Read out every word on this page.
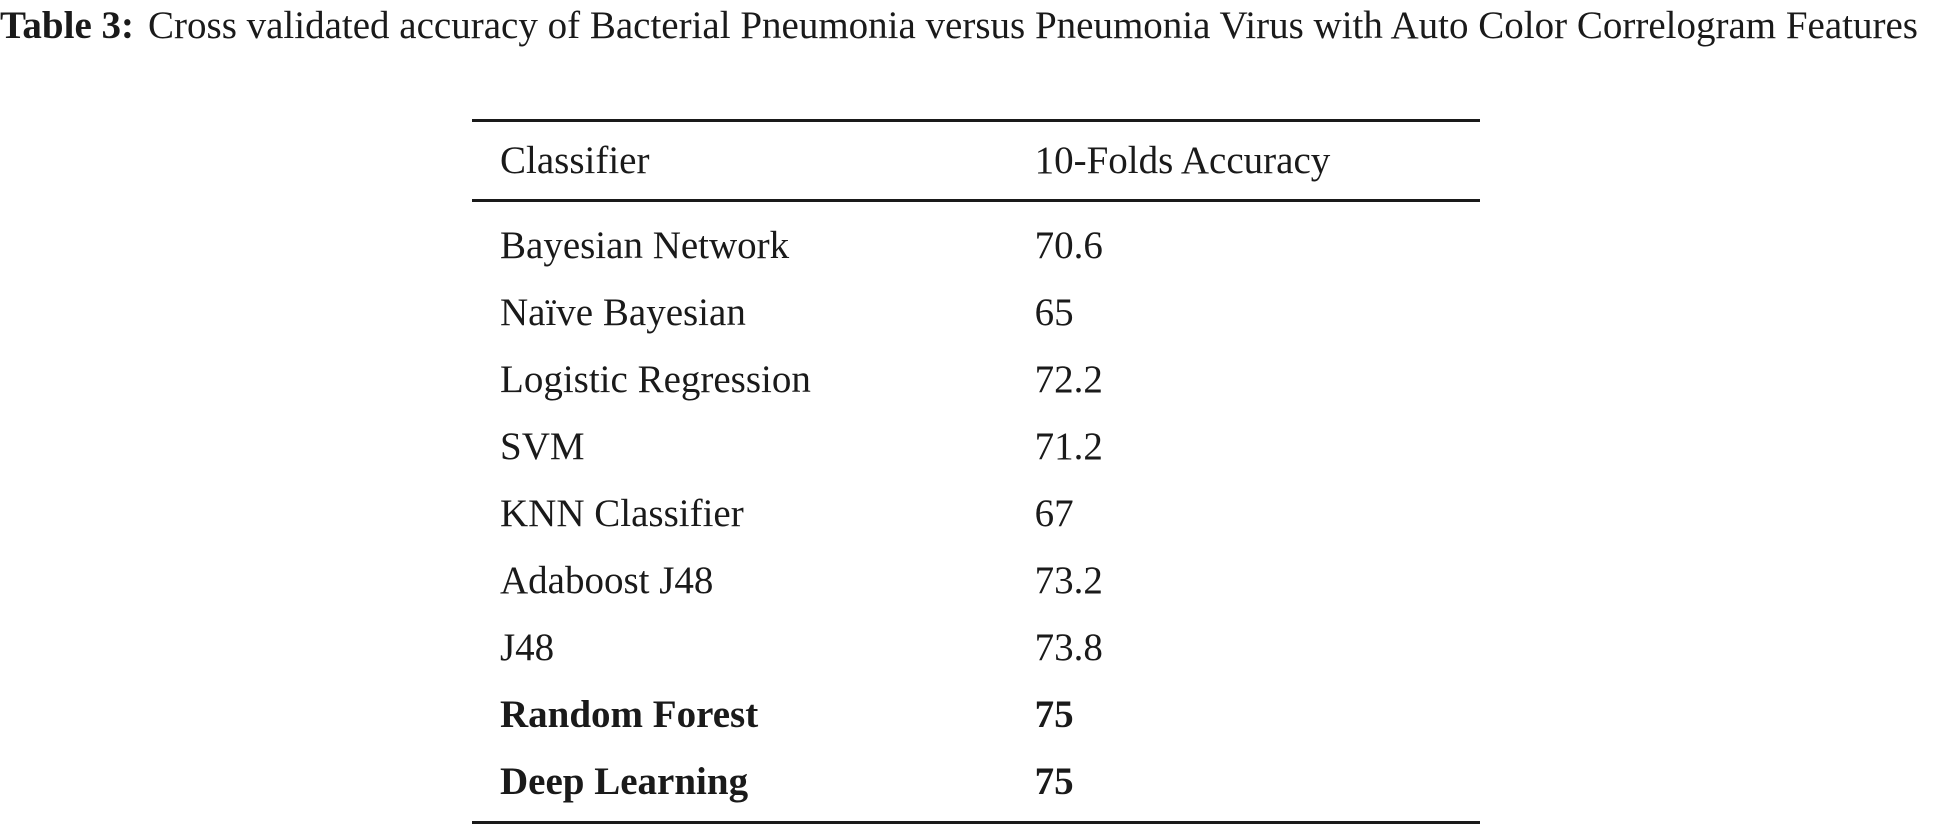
Table 3: Cross validated accuracy of Bacterial Pneumonia versus Pneumonia Virus with Auto Color Correlogram Features
Classifier	10-Folds Accuracy
Bayesian Network	70.6
Naïve Bayesian	65
Logistic Regression	72.2
SVM	71.2
KNN Classifier	67
Adaboost J48	73.2
J48	73.8
Random Forest	75
Deep Learning	75
